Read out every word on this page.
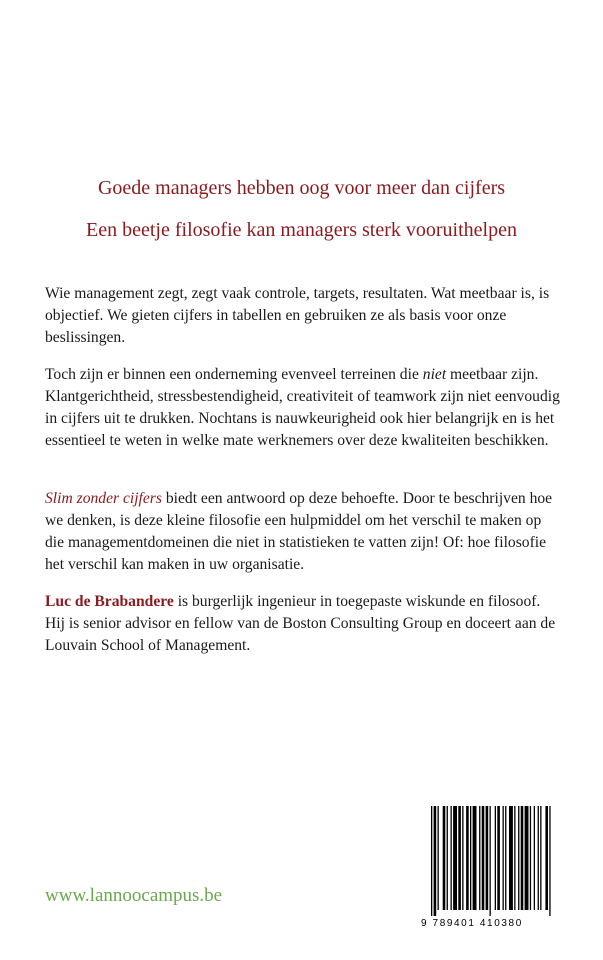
Goede managers hebben oog voor meer dan cijfers
Een beetje filosofie kan managers sterk vooruithelpen

Wie management zegt, zegt vaak controle, targets, resultaten. Wat meetbaar is, is objectief. We gieten cijfers in tabellen en gebruiken ze als basis voor onze beslissingen.

Toch zijn er binnen een onderneming evenveel terreinen die niet meetbaar zijn. Klantgerichtheid, stressbestendigheid, creativiteit of teamwork zijn niet eenvoudig in cijfers uit te drukken. Nochtans is nauwkeurigheid ook hier belangrijk en is het essentieel te weten in welke mate werknemers over deze kwaliteiten beschikken.

Slim zonder cijfers biedt een antwoord op deze behoefte. Door te beschrijven hoe we denken, is deze kleine filosofie een hulpmiddel om het verschil te maken op die managementdomeinen die niet in statistieken te vatten zijn! Of: hoe filosofie het verschil kan maken in uw organisatie.

Luc de Brabandere is burgerlijk ingenieur in toegepaste wiskunde en filosoof. Hij is senior advisor en fellow van de Boston Consulting Group en doceert aan de Louvain School of Management.

www.lannoocampus.be

9 789401 410380
